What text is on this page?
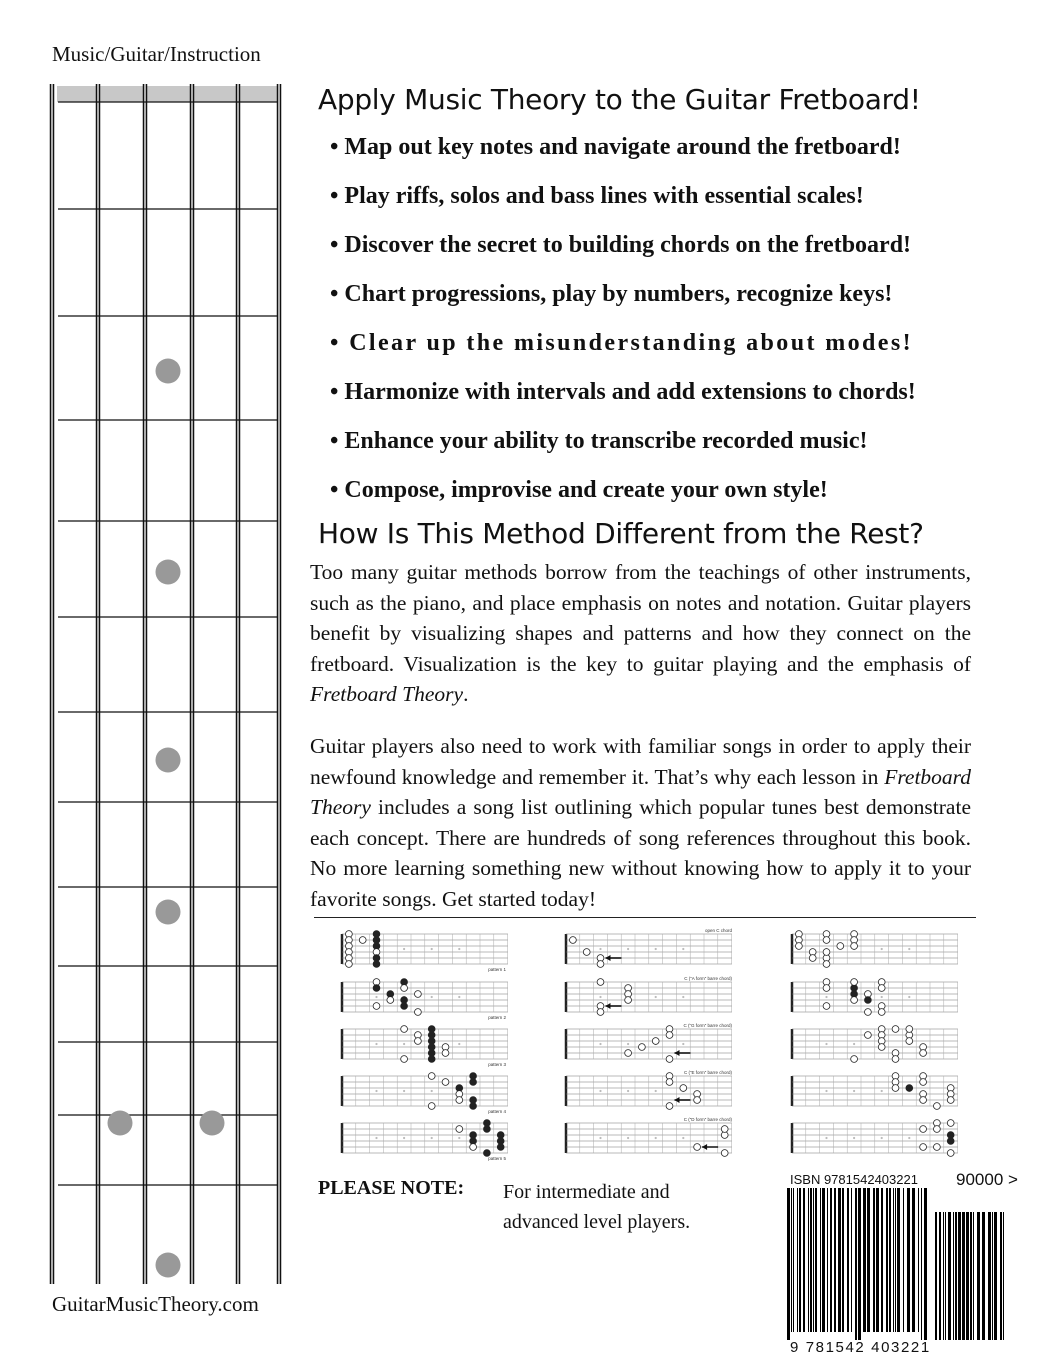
Music/Guitar/Instruction
GuitarMusicTheory.com
Apply Music Theory to the Guitar Fretboard!
• Map out key notes and navigate around the fretboard!
• Play riffs, solos and bass lines with essential scales!
• Discover the secret to building chords on the fretboard!
• Chart progressions, play by numbers, recognize keys!
• Clear up the misunderstanding about modes!
• Harmonize with intervals and add extensions to chords!
• Enhance your ability to transcribe recorded music!
• Compose, improvise and create your own style!
How Is This Method Different from the Rest?

Too many guitar methods borrow from the teachings of other instruments, such as the piano, and place emphasis on notes and notation. Guitar players benefit by visualizing shapes and patterns and how they connect on the fretboard. Visualization is the key to guitar playing and the emphasis of Fretboard Theory.

Guitar players also need to work with familiar songs in order to apply their newfound knowledge and remember it. That’s why each lesson in Fretboard Theory includes a song list outlining which popular tunes best demonstrate each concept. There are hundreds of song references throughout this book. No more learning something new without knowing how to apply it to your favorite songs. Get started today!

pattern 1
pattern 2
pattern 3
pattern 4
pattern 5
open C chord
C (“A form” barre chord)
C (“G form” barre chord)
C (“E form” barre chord)
C (“D form” barre chord)
PLEASE NOTE: For intermediate and
advanced level players.
ISBN 9781542403221 90000 >
9 781542 403221
